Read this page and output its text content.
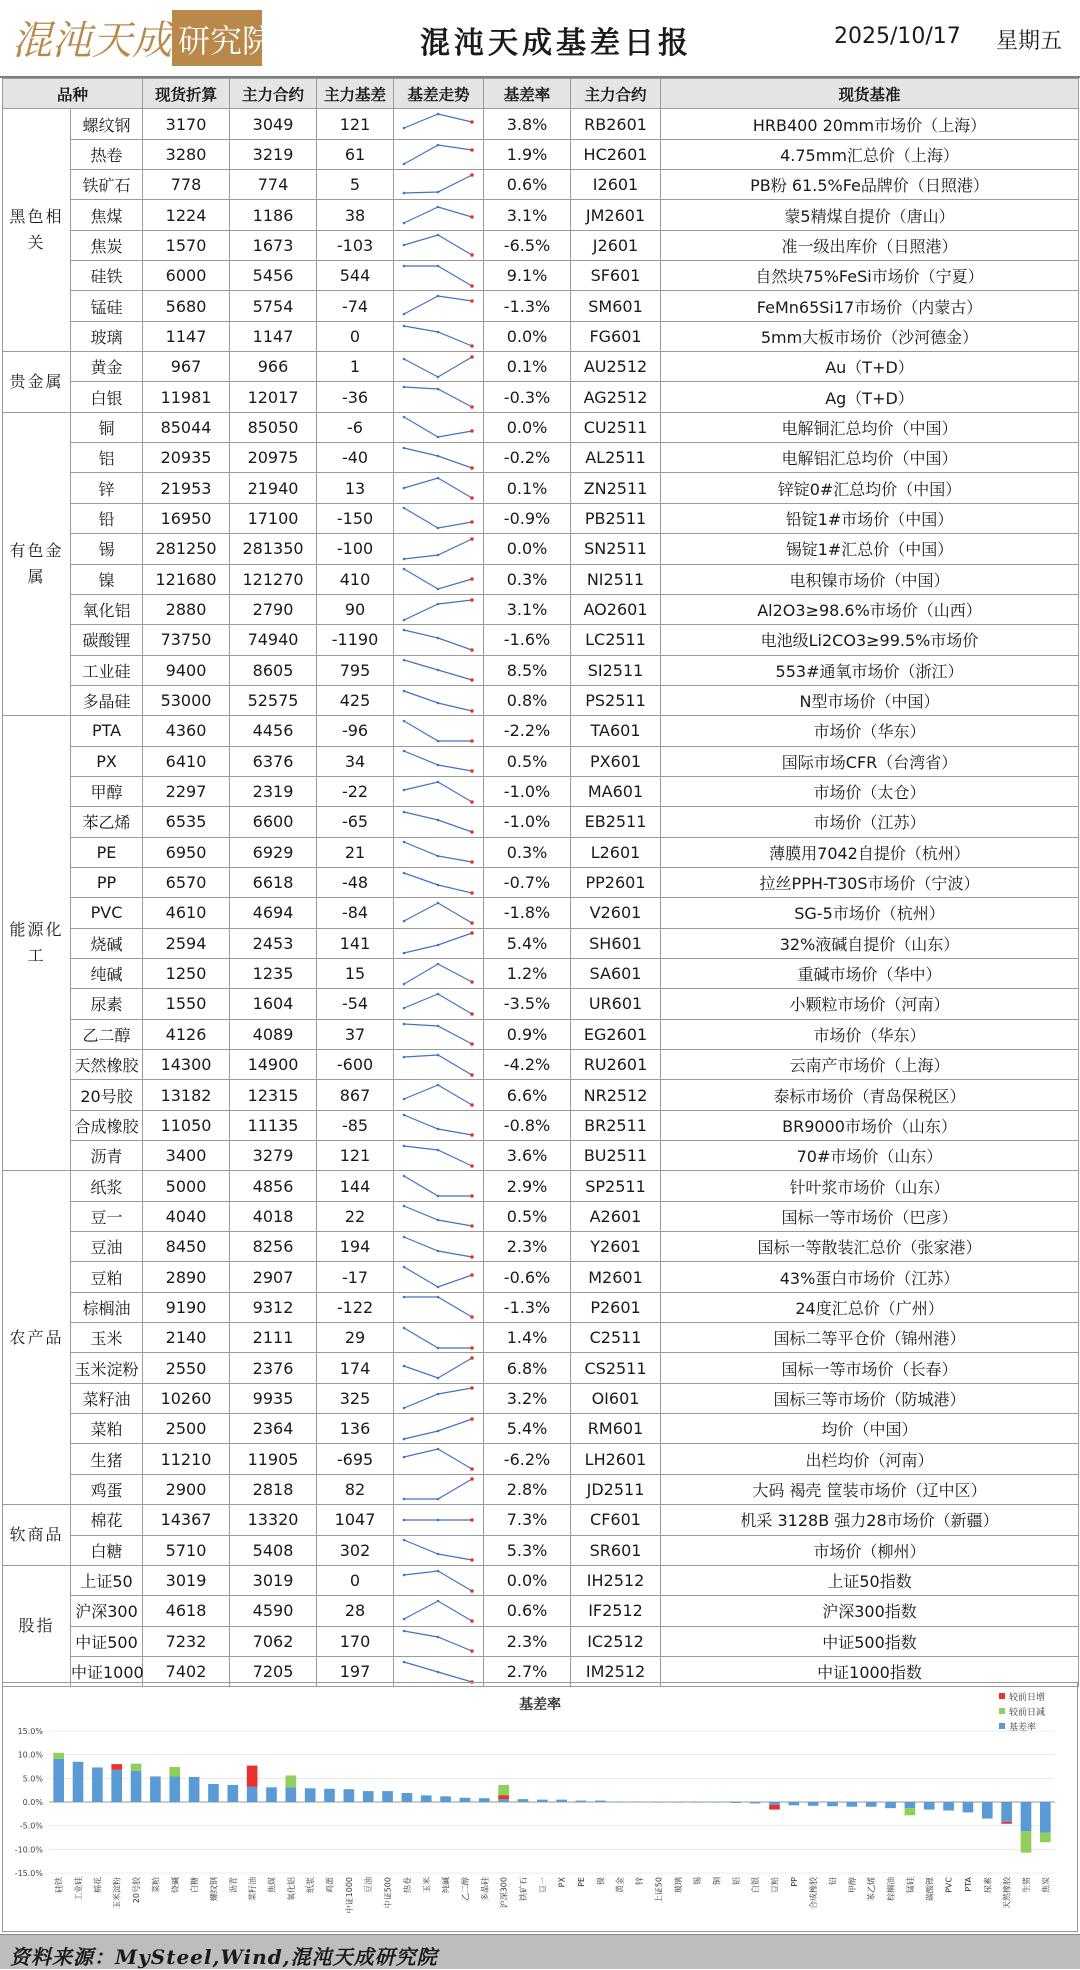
混沌天成 研究院	混沌天成基差日报	2025/10/17 星期五
品种		现货折算	主力合约	主力基差	基差走势	基差率	主力合约	现货基准
黑色相关	螺纹钢	3170	3049	121		3.8%	RB2601	HRB400 20mm市场价（上海）
	热卷	3280	3219	61		1.9%	HC2601	4.75mm汇总价（上海）
	铁矿石	778	774	5		0.6%	I2601	PB粉 61.5%Fe品牌价（日照港）
	焦煤	1224	1186	38		3.1%	JM2601	蒙5精煤自提价（唐山）
	焦炭	1570	1673	-103		-6.5%	J2601	准一级出库价（日照港）
	硅铁	6000	5456	544		9.1%	SF601	自然块75%FeSi市场价（宁夏）
	锰硅	5680	5754	-74		-1.3%	SM601	FeMn65Si17市场价（内蒙古）
	玻璃	1147	1147	0		0.0%	FG601	5mm大板市场价（沙河德金）
贵金属	黄金	967	966	1		0.1%	AU2512	Au（T+D）
	白银	11981	12017	-36		-0.3%	AG2512	Ag（T+D）
有色金属	铜	85044	85050	-6		0.0%	CU2511	电解铜汇总均价（中国）
	铝	20935	20975	-40		-0.2%	AL2511	电解铝汇总均价（中国）
	锌	21953	21940	13		0.1%	ZN2511	锌锭0#汇总均价（中国）
	铅	16950	17100	-150		-0.9%	PB2511	铅锭1#市场价（中国）
	锡	281250	281350	-100		0.0%	SN2511	锡锭1#汇总价（中国）
	镍	121680	121270	410		0.3%	NI2511	电积镍市场价（中国）
	氧化铝	2880	2790	90		3.1%	AO2601	Al2O3≥98.6%市场价（山西）
	碳酸锂	73750	74940	-1190		-1.6%	LC2511	电池级Li2CO3≥99.5%市场价
	工业硅	9400	8605	795		8.5%	SI2511	553#通氧市场价（浙江）
	多晶硅	53000	52575	425		0.8%	PS2511	N型市场价（中国）
能源化工	PTA	4360	4456	-96		-2.2%	TA601	市场价（华东）
	PX	6410	6376	34		0.5%	PX601	国际市场CFR（台湾省）
	甲醇	2297	2319	-22		-1.0%	MA601	市场价（太仓）
	苯乙烯	6535	6600	-65		-1.0%	EB2511	市场价（江苏）
	PE	6950	6929	21		0.3%	L2601	薄膜用7042自提价（杭州）
	PP	6570	6618	-48		-0.7%	PP2601	拉丝PPH-T30S市场价（宁波）
	PVC	4610	4694	-84		-1.8%	V2601	SG-5市场价（杭州）
	烧碱	2594	2453	141		5.4%	SH601	32%液碱自提价（山东）
	纯碱	1250	1235	15		1.2%	SA601	重碱市场价（华中）
	尿素	1550	1604	-54		-3.5%	UR601	小颗粒市场价（河南）
	乙二醇	4126	4089	37		0.9%	EG2601	市场价（华东）
	天然橡胶	14300	14900	-600		-4.2%	RU2601	云南产市场价（上海）
	20号胶	13182	12315	867		6.6%	NR2512	泰标市场价（青岛保税区）
	合成橡胶	11050	11135	-85		-0.8%	BR2511	BR9000市场价（山东）
	沥青	3400	3279	121		3.6%	BU2511	70#市场价（山东）
农产品	纸浆	5000	4856	144		2.9%	SP2511	针叶浆市场价（山东）
	豆一	4040	4018	22		0.5%	A2601	国标一等市场价（巴彦）
	豆油	8450	8256	194		2.3%	Y2601	国标一等散装汇总价（张家港）
	豆粕	2890	2907	-17		-0.6%	M2601	43%蛋白市场价（江苏）
	棕榈油	9190	9312	-122		-1.3%	P2601	24度汇总价（广州）
	玉米	2140	2111	29		1.4%	C2511	国标二等平仓价（锦州港）
	玉米淀粉	2550	2376	174		6.8%	CS2511	国标一等市场价（长春）
	菜籽油	10260	9935	325		3.2%	OI601	国标三等市场价（防城港）
	菜粕	2500	2364	136		5.4%	RM601	均价（中国）
	生猪	11210	11905	-695		-6.2%	LH2601	出栏均价（河南）
	鸡蛋	2900	2818	82		2.8%	JD2511	大码 褐壳 筐装市场价（辽中区）
软商品	棉花	14367	13320	1047		7.3%	CF601	机采 3128B 强力28市场价（新疆）
	白糖	5710	5408	302		5.3%	SR601	市场价（柳州）
股指	上证50	3019	3019	0		0.0%	IH2512	上证50指数
	沪深300	4618	4590	28		0.6%	IF2512	沪深300指数
	中证500	7232	7062	170		2.3%	IC2512	中证500指数
	中证1000	7402	7205	197		2.7%	IM2512	中证1000指数
基差率	较前日增
较前日减
基差率
15.0%
10.0%
5.0%
0.0%
-5.0%
-10.0%
-15.0%
硅铁 工业硅 棉花 玉米淀粉 20号胶 菜粕 烧碱 白糖 螺纹钢 沥青 菜籽油 焦煤 氧化铝 纸浆 鸡蛋 中证1000 豆油 中证500 热卷 玉米 纯碱 乙二醇 多晶硅 沪深300 铁矿石 豆一 PX PE 镍 黄金 锌 上证50 玻璃 锡 铜 铝 白银 豆粕 PP 合成橡胶 铅 甲醇 苯乙烯 棕榈油 锰硅 碳酸锂 PVC PTA 尿素 天然橡胶 生猪 焦炭
资料来源：MySteel,Wind,混沌天成研究院
